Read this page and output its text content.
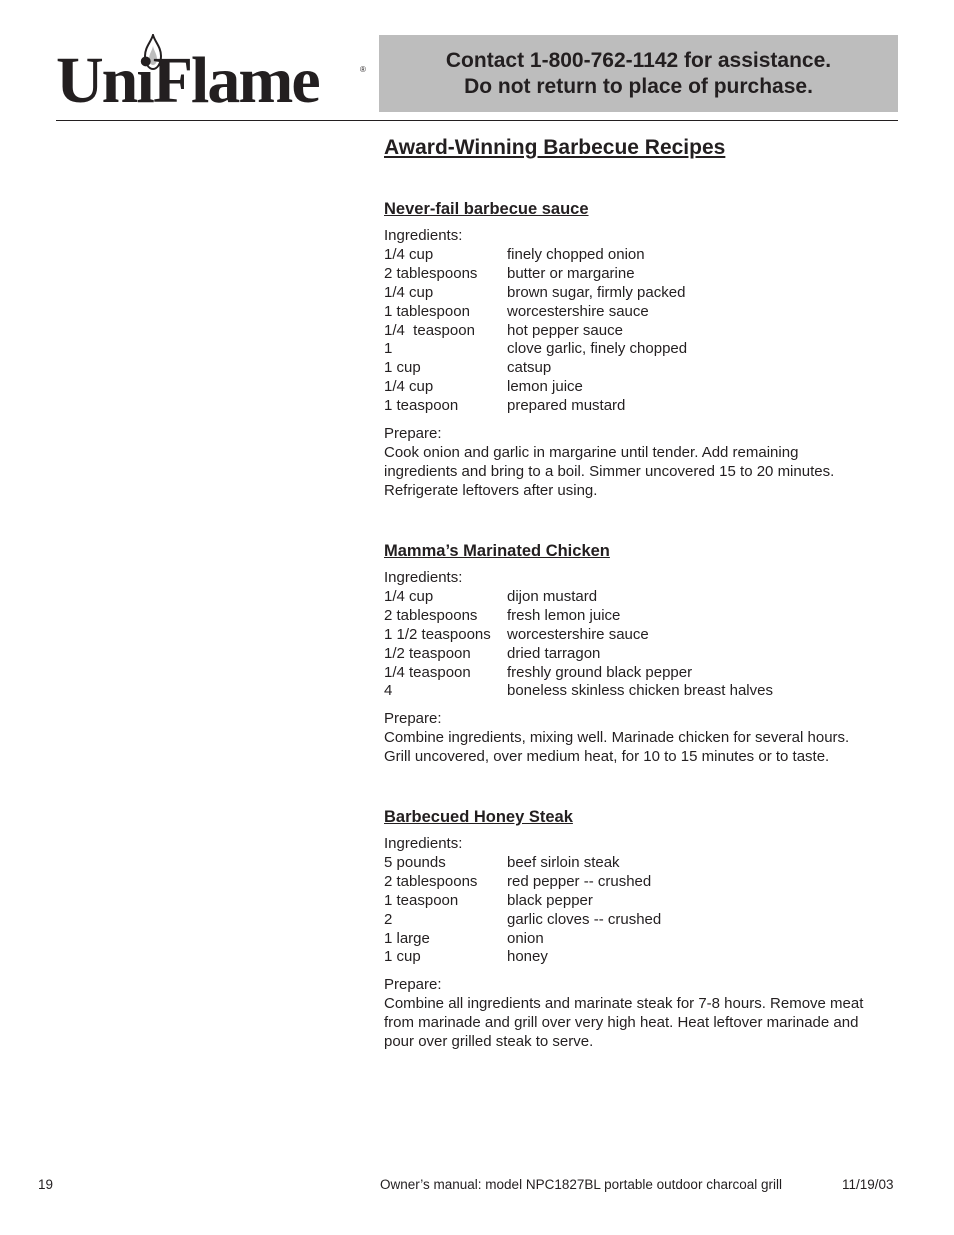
UniFlame	®	Contact 1-800-762-1142 for assistance.
Do not return to place of purchase.
Award-Winning Barbecue Recipes
Never-fail barbecue sauce
Ingredients:
1/4 cup	finely chopped onion
2 tablespoons	butter or margarine
1/4 cup	brown sugar, firmly packed
1 tablespoon	worcestershire sauce
1/4  teaspoon	hot pepper sauce
1	clove garlic, finely chopped
1 cup	catsup
1/4 cup	lemon juice
1 teaspoon	prepared mustard
Prepare:
Cook onion and garlic in margarine until tender. Add remaining
ingredients and bring to a boil. Simmer uncovered 15 to 20 minutes.
Refrigerate leftovers after using.
Mamma’s Marinated Chicken
Ingredients:
1/4 cup	dijon mustard
2 tablespoons	fresh lemon juice
1 1/2 teaspoons	worcestershire sauce
1/2 teaspoon	dried tarragon
1/4 teaspoon	freshly ground black pepper
4	boneless skinless chicken breast halves
Prepare:
Combine ingredients, mixing well. Marinade chicken for several hours.
Grill uncovered, over medium heat, for 10 to 15 minutes or to taste.
Barbecued Honey Steak
Ingredients:
5 pounds	beef sirloin steak
2 tablespoons	red pepper -- crushed
1 teaspoon	black pepper
2	garlic cloves -- crushed
1 large	onion
1 cup	honey
Prepare:
Combine all ingredients and marinate steak for 7-8 hours. Remove meat
from marinade and grill over very high heat. Heat leftover marinade and
pour over grilled steak to serve.
19	Owner’s manual: model NPC1827BL portable outdoor charcoal grill	11/19/03
